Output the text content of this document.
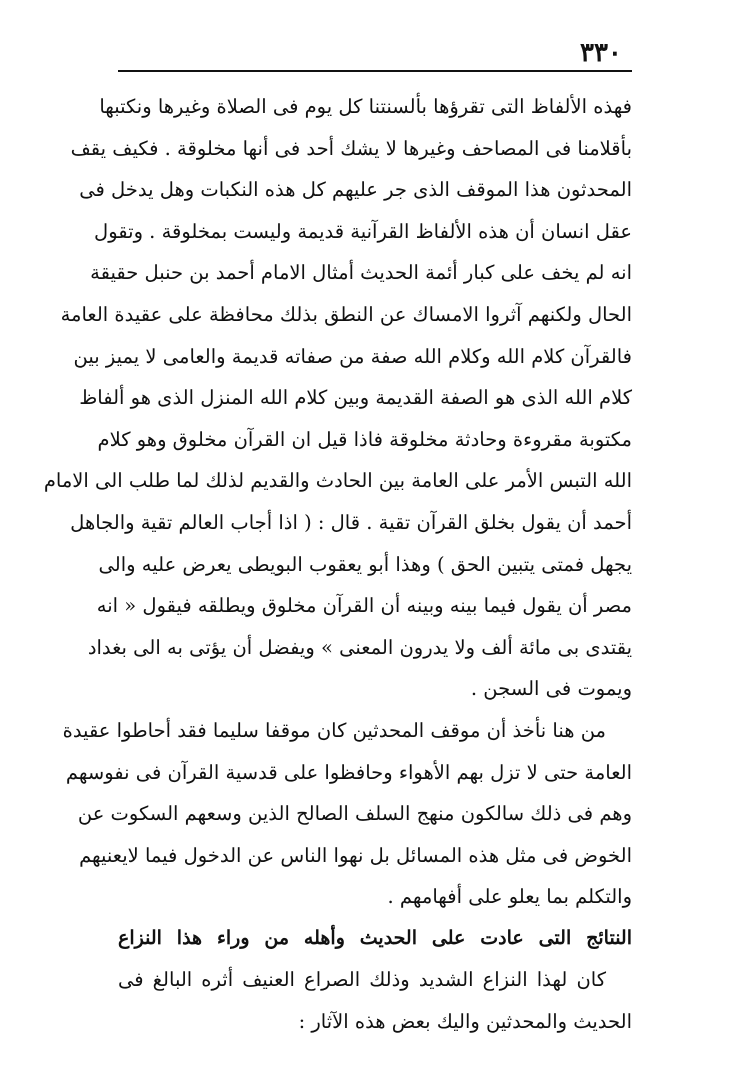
٣٣٠
فهذه الألفاظ التى تقرؤها بألسنتنا كل يوم فى الصلاة وغيرها ونكتبها
بأقلامنا فى المصاحف وغيرها لا يشك أحد فى أنها مخلوقة . فكيف يقف
المحدثون هذا الموقف الذى جر عليهم كل هذه النكبات وهل يدخل فى
عقل انسان أن هذه الألفاظ القرآنية قديمة وليست بمخلوقة . وتقول
انه لم يخف على كبار أئمة الحديث أمثال الامام أحمد بن حنبل حقيقة
الحال ولكنهم آثروا الامساك عن النطق بذلك محافظة على عقيدة العامة
فالقرآن كلام الله وكلام الله صفة من صفاته قديمة والعامى لا يميز بين
كلام الله الذى هو الصفة القديمة وبين كلام الله المنزل الذى هو ألفاظ
مكتوبة مقروءة وحادثة مخلوقة فاذا قيل ان القرآن مخلوق وهو كلام
الله التبس الأمر على العامة بين الحادث والقديم لذلك لما طلب الى الامام
أحمد أن يقول بخلق القرآن تقية . قال : ( اذا أجاب العالم تقية والجاهل
يجهل فمتى يتبين الحق ) وهذا أبو يعقوب البويطى يعرض عليه والى
مصر أن يقول فيما بينه وبينه أن القرآن مخلوق ويطلقه فيقول « انه
يقتدى بى مائة ألف ولا يدرون المعنى » ويفضل أن يؤتى به الى بغداد
ويموت فى السجن .
من هنا نأخذ أن موقف المحدثين كان موقفا سليما فقد أحاطوا عقيدة
العامة حتى لا تزل بهم الأهواء وحافظوا على قدسية القرآن فى نفوسهم
وهم فى ذلك سالكون منهج السلف الصالح الذين وسعهم السكوت عن
الخوض فى مثل هذه المسائل بل نهوا الناس عن الدخول فيما لايعنيهم
والتكلم بما يعلو على أفهامهم .
النتائج التى عادت على الحديث وأهله من وراء هذا النزاع
كان لهذا النزاع الشديد وذلك الصراع العنيف أثره البالغ فى
الحديث والمحدثين واليك بعض هذه الآثار :
